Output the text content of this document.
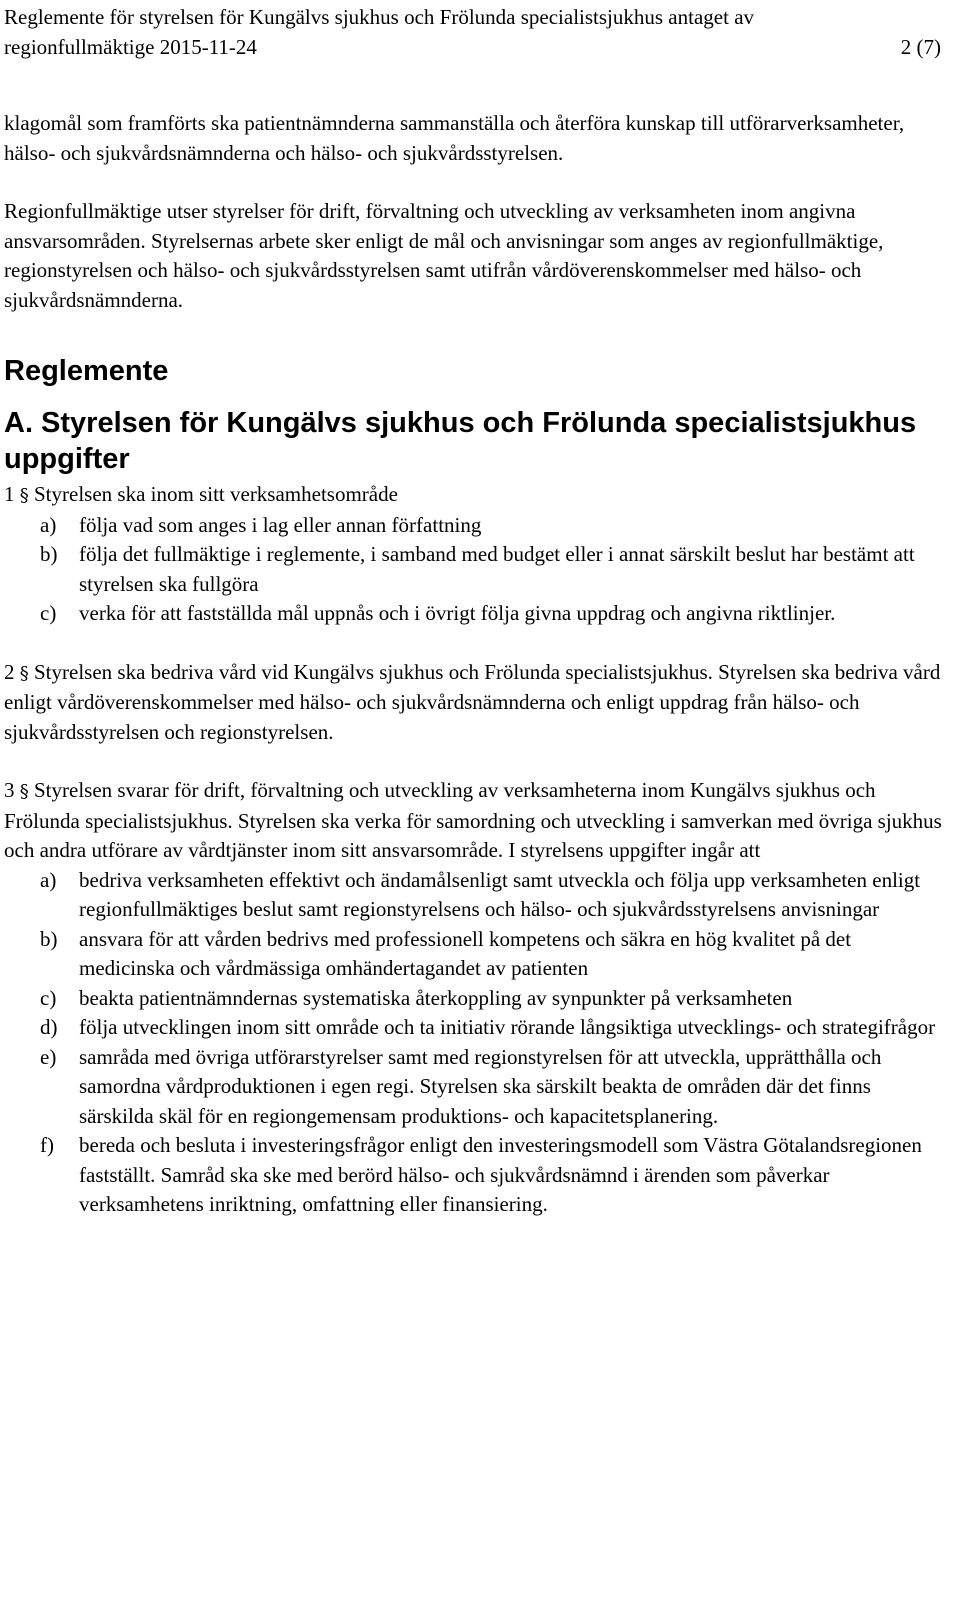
Reglemente för styrelsen för Kungälvs sjukhus och Frölunda specialistsjukhus antaget av
regionfullmäktige 2015-11-24	2 (7)

klagomål som framförts ska patientnämnderna sammanställa och återföra kunskap till utförarverksamheter, hälso- och sjukvårdsnämnderna och hälso- och sjukvårdsstyrelsen.

Regionfullmäktige utser styrelser för drift, förvaltning och utveckling av verksamheten inom angivna ansvarsområden. Styrelsernas arbete sker enligt de mål och anvisningar som anges av regionfullmäktige, regionstyrelsen och hälso- och sjukvårdsstyrelsen samt utifrån vårdöverenskommelser med hälso- och sjukvårdsnämnderna.

Reglemente
A. Styrelsen för Kungälvs sjukhus och Frölunda specialistsjukhus uppgifter
1 § Styrelsen ska inom sitt verksamhetsområde
a) följa vad som anges i lag eller annan författning
b) följa det fullmäktige i reglemente, i samband med budget eller i annat särskilt beslut har bestämt att styrelsen ska fullgöra
c) verka för att fastställda mål uppnås och i övrigt följa givna uppdrag och angivna riktlinjer.
2 § Styrelsen ska bedriva vård vid Kungälvs sjukhus och Frölunda specialistsjukhus. Styrelsen ska bedriva vård enligt vårdöverenskommelser med hälso- och sjukvårdsnämnderna och enligt uppdrag från hälso- och sjukvårdsstyrelsen och regionstyrelsen.
3 § Styrelsen svarar för drift, förvaltning och utveckling av verksamheterna inom Kungälvs sjukhus och Frölunda specialistsjukhus. Styrelsen ska verka för samordning och utveckling i samverkan med övriga sjukhus och andra utförare av vårdtjänster inom sitt ansvarsområde. I styrelsens uppgifter ingår att
a) bedriva verksamheten effektivt och ändamålsenligt samt utveckla och följa upp verksamheten enligt regionfullmäktiges beslut samt regionstyrelsens och hälso- och sjukvårdsstyrelsens anvisningar
b) ansvara för att vården bedrivs med professionell kompetens och säkra en hög kvalitet på det medicinska och vårdmässiga omhändertagandet av patienten
c) beakta patientnämndernas systematiska återkoppling av synpunkter på verksamheten
d) följa utvecklingen inom sitt område och ta initiativ rörande långsiktiga utvecklings- och strategifrågor
e) samråda med övriga utförarstyrelser samt med regionstyrelsen för att utveckla, upprätthålla och samordna vårdproduktionen i egen regi. Styrelsen ska särskilt beakta de områden där det finns särskilda skäl för en regiongemensam produktions- och kapacitetsplanering.
f) bereda och besluta i investeringsfrågor enligt den investeringsmodell som Västra Götalandsregionen fastställt. Samråd ska ske med berörd hälso- och sjukvårdsnämnd i ärenden som påverkar verksamhetens inriktning, omfattning eller finansiering.
